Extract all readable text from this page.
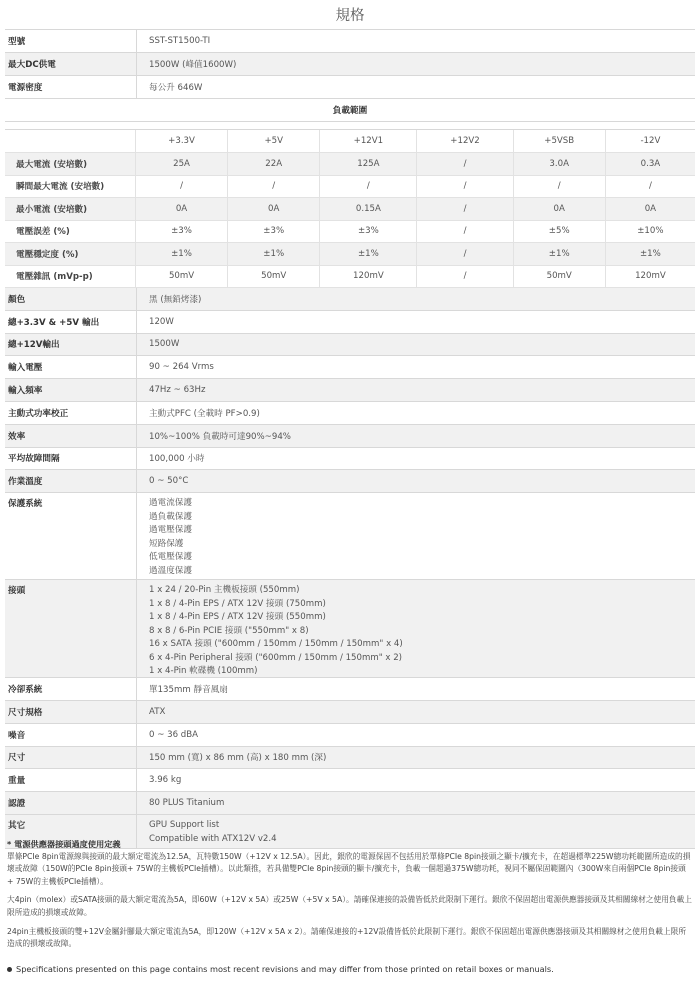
規格
型號	SST-ST1500-TI
最大DC供電	1500W (峰值1600W)
電源密度	每公升 646W
負載範圍
+3.3V	+5V	+12V1	+12V2	+5VSB	-12V
最大電流 (安培數)	25A	22A	125A	/	3.0A	0.3A
瞬間最大電流 (安培數)	/	/	/	/	/	/
最小電流 (安培數)	0A	0A	0.15A	/	0A	0A
電壓誤差 (%)	±3%	±3%	±3%	/	±5%	±10%
電壓穩定度 (%)	±1%	±1%	±1%	/	±1%	±1%
電壓雜訊 (mVp-p)	50mV	50mV	120mV	/	50mV	120mV
顏色	黑 (無鉛烤漆)
總+3.3V & +5V 輸出	120W
總+12V輸出	1500W
輸入電壓	90 ~ 264 Vrms
輸入頻率	47Hz ~ 63Hz
主動式功率校正	主動式PFC (全載時 PF>0.9)
效率	10%~100% 負載時可達90%~94%
平均故障間隔	100,000 小時
作業溫度	0 ~ 50°C
保護系統	過電流保護
過負載保護
過電壓保護
短路保護
低電壓保護
過溫度保護
接頭	1 x 24 / 20-Pin 主機板接頭 (550mm)
1 x 8 / 4-Pin EPS / ATX 12V 接頭 (750mm)
1 x 8 / 4-Pin EPS / ATX 12V 接頭 (550mm)
8 x 8 / 6-Pin PCIE 接頭 ("550mm" x 8)
16 x SATA 接頭 ("600mm / 150mm / 150mm / 150mm" x 4)
6 x 4-Pin Peripheral 接頭 ("600mm / 150mm / 150mm" x 2)
1 x 4-Pin 軟碟機 (100mm)
冷卻系統	單135mm 靜音風扇
尺寸規格	ATX
噪音	0 ~ 36 dBA
尺寸	150 mm (寬) x 86 mm (高) x 180 mm (深)
重量	3.96 kg
認證	80 PLUS Titanium
其它	GPU Support list
Compatible with ATX12V v2.4

* 電源供應器接頭過度使用定義

單條PCIe 8pin電源線與接頭的最大額定電流為12.5A，瓦特數150W（+12V x 12.5A）。因此，銀欣的電源保固不包括用於單條PCIe 8pin接頭之顯卡/擴充卡，在超過標準225W總功耗範圍所造成的損壞或故障（150W的PCIe 8pin接頭+ 75W的主機板PCIe插槽）。以此類推，若具備雙PCIe 8pin接頭的顯卡/擴充卡，負載一個超過375W總功耗，視同不屬保固範圍內（300W來自兩個PCIe 8pin接頭 + 75W的主機板PCIe插槽）。

大4pin（molex）或SATA接頭的最大額定電流為5A，即60W（+12V x 5A）或25W（+5V x 5A）。請確保連接的設備皆低於此限制下運行。銀欣不保固超出電源供應器接頭及其相關線材之使用負載上限所造成的損壞或故障。

24pin主機板接頭的雙+12V金屬針腳最大額定電流為5A，即120W（+12V x 5A x 2）。請確保連接的+12V設備皆低於此限制下運行。銀欣不保固超出電源供應器接頭及其相關線材之使用負載上限所造成的損壞或故障。

Specifications presented on this page contains most recent revisions and may differ from those printed on retail boxes or manuals.
